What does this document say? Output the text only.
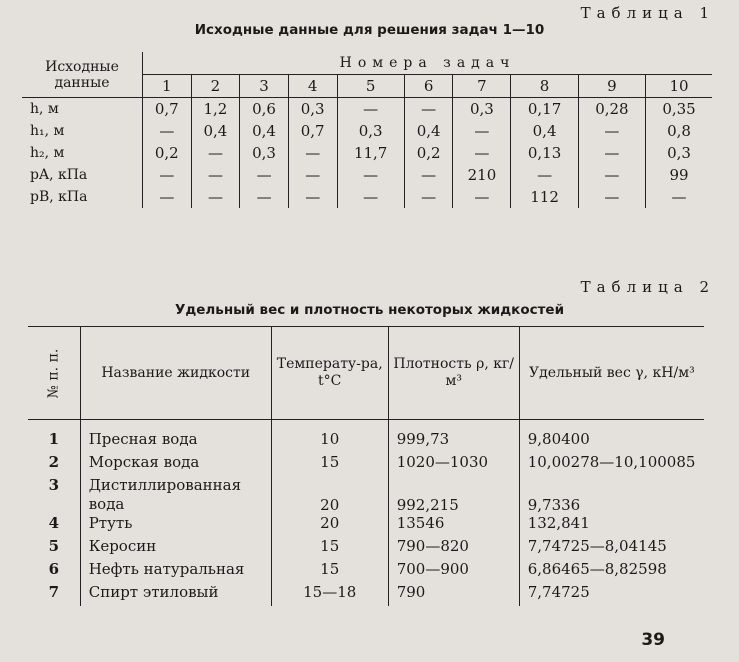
Таблица 1
Исходные данные для решения задач 1—10
Исходные данные	Номера задач									
	1	2	3	4	5	6	7	8	9	10
h, м	0,7	1,2	0,6	0,3	—	—	0,3	0,17	0,28	0,35
h₁, м	—	0,4	0,4	0,7	0,3	0,4	—	0,4	—	0,8
h₂, м	0,2	—	0,3	—	11,7	0,2	—	0,13	—	0,3
pA, кПа	—	—	—	—	—	—	210	—	—	99
pB, кПа	—	—	—	—	—	—	—	112	—	—
Таблица 2
Удельный вес и плотность некоторых жидкостей
№ п. п.	Название жидкости	Температу-ра, t°C	Плотность ρ, кг/м³	Удельный вес γ, кН/м³
1	Пресная вода	10	999,73	9,80400
2	Морская вода	15	1020—1030	10,00278—10,100085
3	Дистиллированная вода	20	992,215	9,7336
4	Ртуть	20	13546	132,841
5	Керосин	15	790—820	7,74725—8,04145
6	Нефть натуральная	15	700—900	6,86465—8,82598
7	Спирт этиловый	15—18	790	7,74725
39
